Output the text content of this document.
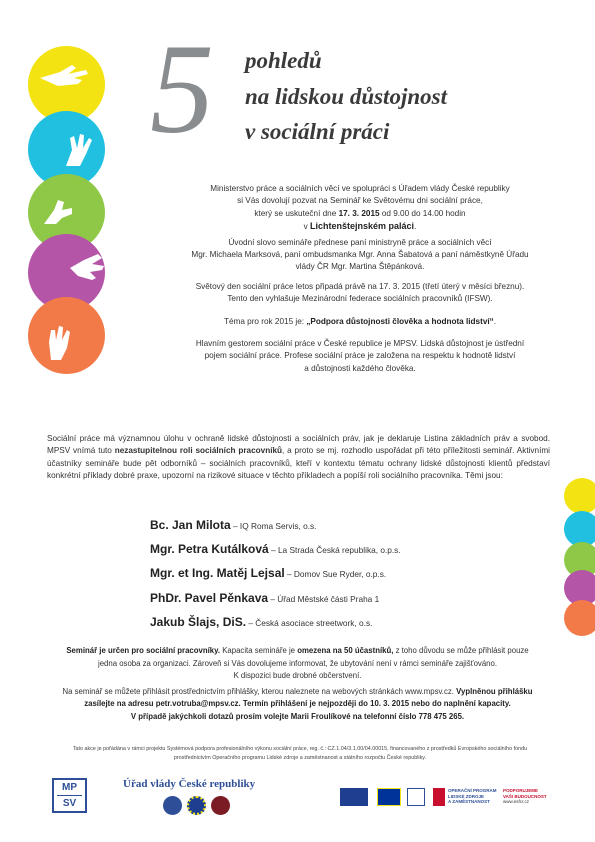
5 pohledů
na lidskou důstojnost
v sociální práci
Ministerstvo práce a sociálních věcí ve spolupráci s Úřadem vlády České republiky
si Vás dovolují pozvat na Seminář ke Světovému dni sociální práce,
který se uskuteční dne 17. 3. 2015 od 9.00 do 14.00 hodin
v Lichtenštejnském paláci.
Úvodní slovo semináře přednese paní ministryně práce a sociálních věcí
Mgr. Michaela Marksová, paní ombudsmanka Mgr. Anna Šabatová a paní náměstkyně Úřadu
vlády ČR Mgr. Martina Štěpánková.
Světový den sociální práce letos připadá právě na 17. 3. 2015 (třetí úterý v měsíci březnu).
Tento den vyhlašuje Mezinárodní federace sociálních pracovníků (IFSW).
Téma pro rok 2015 je: „Podpora důstojnosti člověka a hodnota lidství“.
Hlavním gestorem sociální práce v České republice je MPSV. Lidská důstojnost je ústřední
pojem sociální práce. Profese sociální práce je založena na respektu k hodnotě lidství
a důstojnosti každého člověka.
Sociální práce má významnou úlohu v ochraně lidské důstojnosti a sociálních práv, jak je deklaruje Listina základních práv a svobod. MPSV vnímá tuto nezastupitelnou roli sociálních pracovníků, a proto se mj. rozhodlo uspořádat při této příležitosti seminář. Aktivními účastníky semináře bude pět odborníků – sociálních pracovníků, kteří v kontextu tématu ochrany lidské důstojnosti klientů představí konkrétní příklady dobré praxe, upozorní na rizikové situace v těchto příkladech a popíší roli sociálního pracovníka. Těmi jsou:
Bc. Jan Milota – IQ Roma Servis, o.s.
Mgr. Petra Kutálková – La Strada Česká republika, o.p.s.
Mgr. et Ing. Matěj Lejsal – Domov Sue Ryder, o.p.s.
PhDr. Pavel Pěnkava – Úřad Městské části Praha 1
Jakub Šlajs, DiS. – Česká asociace streetwork, o.s.
Seminář je určen pro sociální pracovníky. Kapacita semináře je omezena na 50 účastníků, z toho důvodu se může přihlásit pouze
jedna osoba za organizaci. Zároveň si Vás dovolujeme informovat, že ubytování není v rámci semináře zajišťováno.
K dispozici bude drobné občerstvení.
Na seminář se můžete přihlásit prostřednictvím přihlášky, kterou naleznete na webových stránkách www.mpsv.cz. Vyplněnou přihlášku
zasílejte na adresu petr.votruba@mpsv.cz. Termín přihlášení je nejpozději do 10. 3. 2015 nebo do naplnění kapacity.
V případě jakýchkoli dotazů prosím volejte Marii Froulíkové na telefonní číslo 778 475 265.
Tato akce je pořádána v rámci projektu Systémová podpora profesionálního výkonu sociální práce, reg. č.: CZ.1.04/3.1.00/04.00015, financovaného z prostředků Evropského sociálního fondu
prostřednictvím Operačního programu Lidské zdroje a zaměstnanost a státního rozpočtu České republiky.
MP
SV
Úřad vlády České republiky
OPERAČNÍ PROGRAM
LIDSKÉ ZDROJE
A ZAMĚSTNANOST
PODPORUJEME
VAŠI BUDOUCNOST
www.esfcr.cz
